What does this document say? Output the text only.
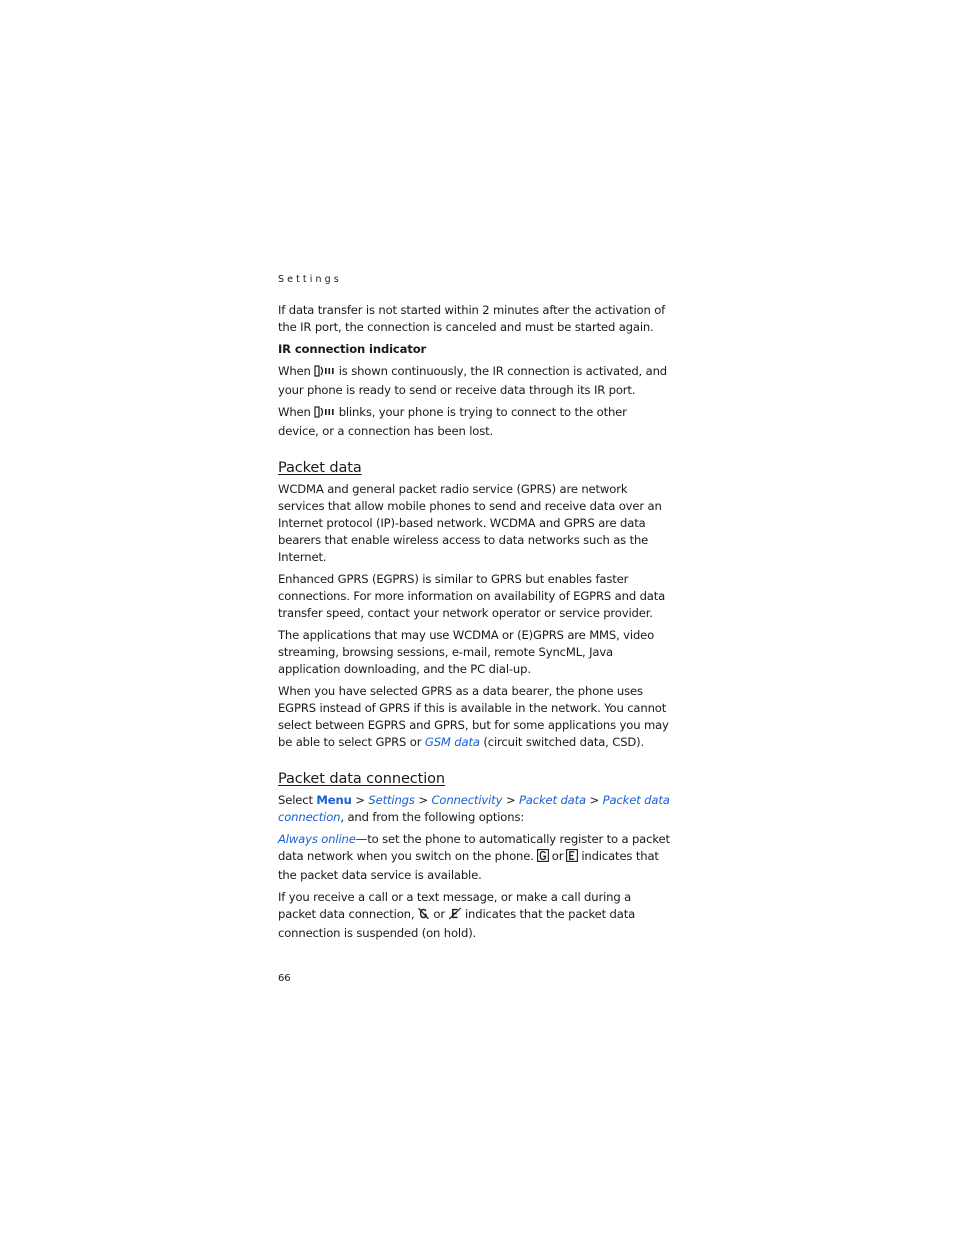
Settings

If data transfer is not started within 2 minutes after the activation of the IR port, the connection is canceled and must be started again.

IR connection indicator

When is shown continuously, the IR connection is activated, and your phone is ready to send or receive data through its IR port.

When blinks, your phone is trying to connect to the other device, or a connection has been lost.

Packet data

WCDMA and general packet radio service (GPRS) are network services that allow mobile phones to send and receive data over an Internet protocol (IP)-based network. WCDMA and GPRS are data bearers that enable wireless access to data networks such as the Internet.

Enhanced GPRS (EGPRS) is similar to GPRS but enables faster connections. For more information on availability of EGPRS and data transfer speed, contact your network operator or service provider.

The applications that may use WCDMA or (E)GPRS are MMS, video streaming, browsing sessions, e-mail, remote SyncML, Java application downloading, and the PC dial-up.

When you have selected GPRS as a data bearer, the phone uses EGPRS instead of GPRS if this is available in the network. You cannot select between EGPRS and GPRS, but for some applications you may be able to select GPRS or GSM data (circuit switched data, CSD).

Packet data connection

Select Menu > Settings > Connectivity > Packet data > Packet data connection, and from the following options:

Always online—to set the phone to automatically register to a packet data network when you switch on the phone. or indicates that the packet data service is available.

If you receive a call or a text message, or make a call during a packet data connection, or indicates that the packet data connection is suspended (on hold).

66
